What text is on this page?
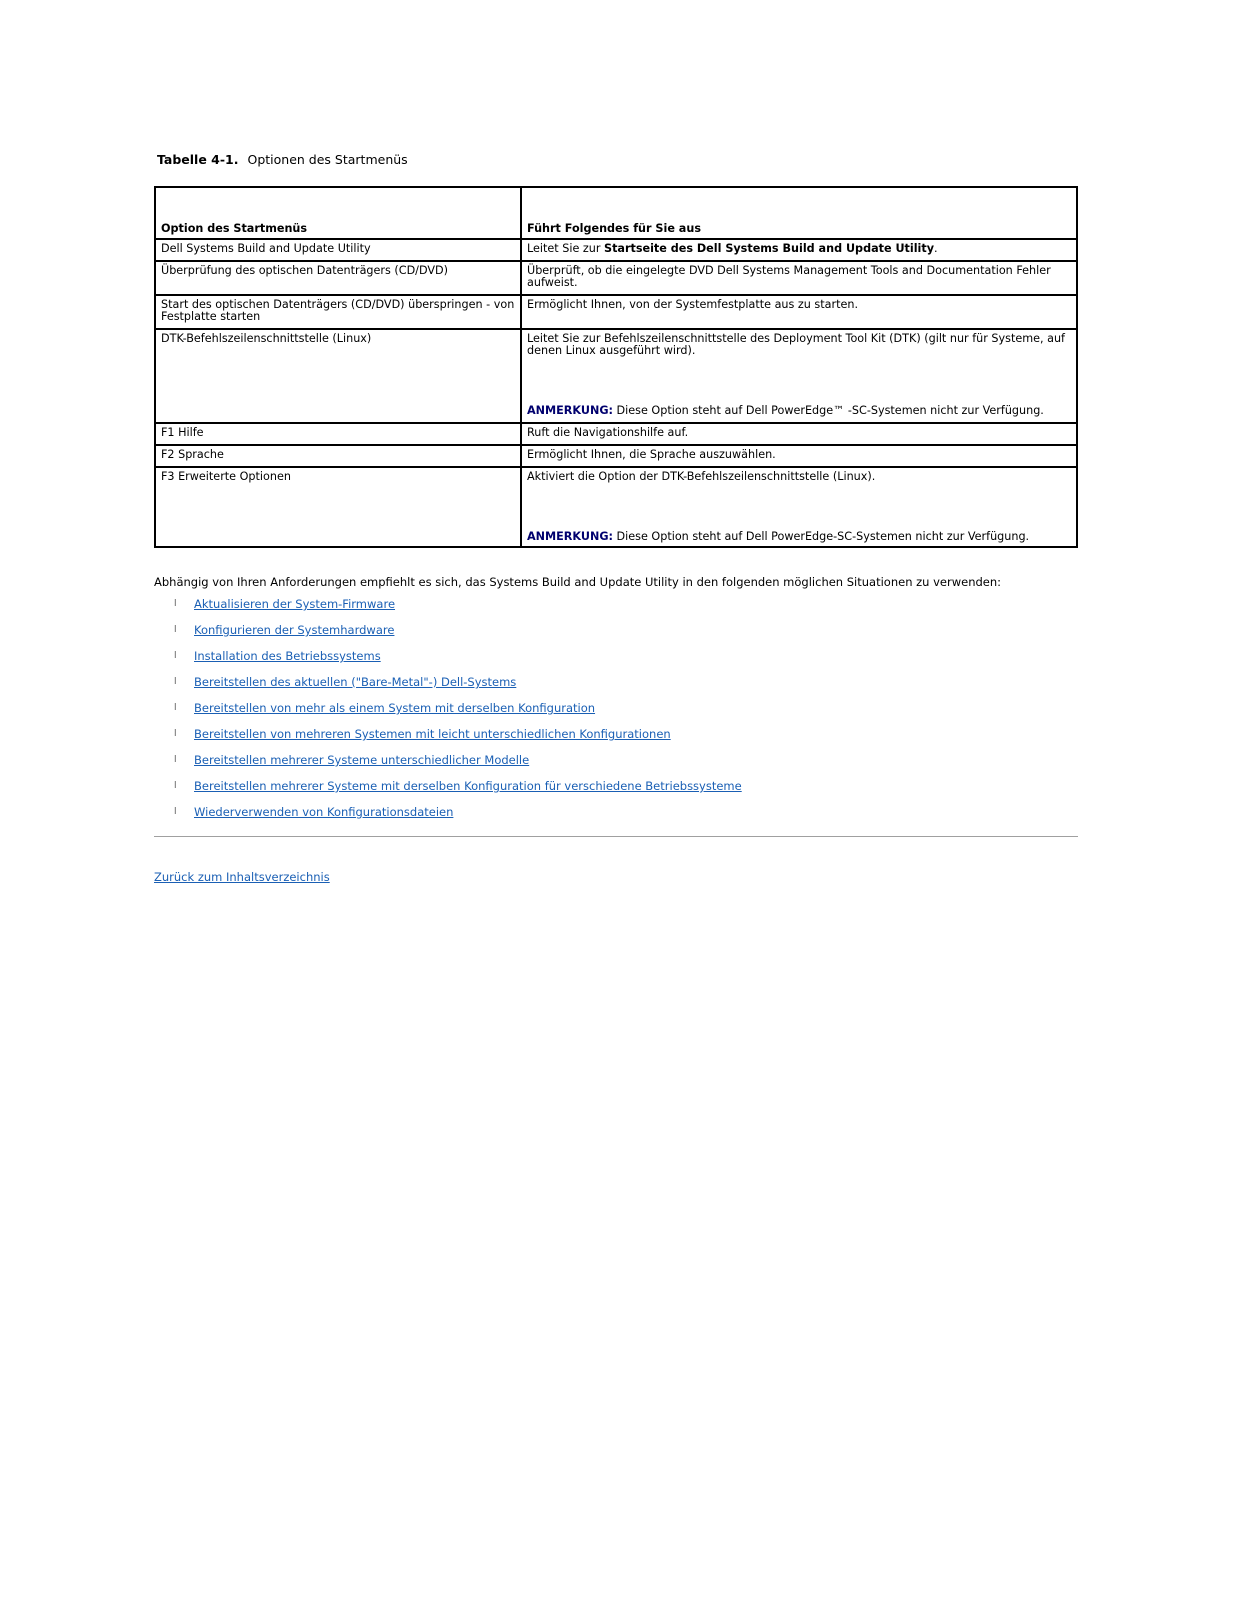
Tabelle 4-1. Optionen des Startmenüs
Option des Startmenüs	Führt Folgendes für Sie aus
Dell Systems Build and Update Utility	Leitet Sie zur Startseite des Dell Systems Build and Update Utility.
Überprüfung des optischen Datenträgers (CD/DVD)	Überprüft, ob die eingelegte DVD Dell Systems Management Tools and Documentation Fehler aufweist.
Start des optischen Datenträgers (CD/DVD) überspringen - von Festplatte starten	Ermöglicht Ihnen, von der Systemfestplatte aus zu starten.
DTK-Befehlszeilenschnittstelle (Linux)	Leitet Sie zur Befehlszeilenschnittstelle des Deployment Tool Kit (DTK) (gilt nur für Systeme, auf denen Linux ausgeführt wird).
ANMERKUNG: Diese Option steht auf Dell PowerEdge™ -SC-Systemen nicht zur Verfügung.

F1 Hilfe	Ruft die Navigationshilfe auf.
F2 Sprache	Ermöglicht Ihnen, die Sprache auszuwählen.
F3 Erweiterte Optionen	Aktiviert die Option der DTK-Befehlszeilenschnittstelle (Linux).
ANMERKUNG: Diese Option steht auf Dell PowerEdge-SC-Systemen nicht zur Verfügung.
Abhängig von Ihren Anforderungen empfiehlt es sich, das Systems Build and Update Utility in den folgenden möglichen Situationen zu verwenden:
l Aktualisieren der System-Firmware
l Konfigurieren der Systemhardware
l Installation des Betriebssystems
l Bereitstellen des aktuellen ("Bare-Metal"-) Dell-Systems
l Bereitstellen von mehr als einem System mit derselben Konfiguration
l Bereitstellen von mehreren Systemen mit leicht unterschiedlichen Konfigurationen
l Bereitstellen mehrerer Systeme unterschiedlicher Modelle
l Bereitstellen mehrerer Systeme mit derselben Konfiguration für verschiedene Betriebssysteme
l Wiederverwenden von Konfigurationsdateien
Zurück zum Inhaltsverzeichnis
